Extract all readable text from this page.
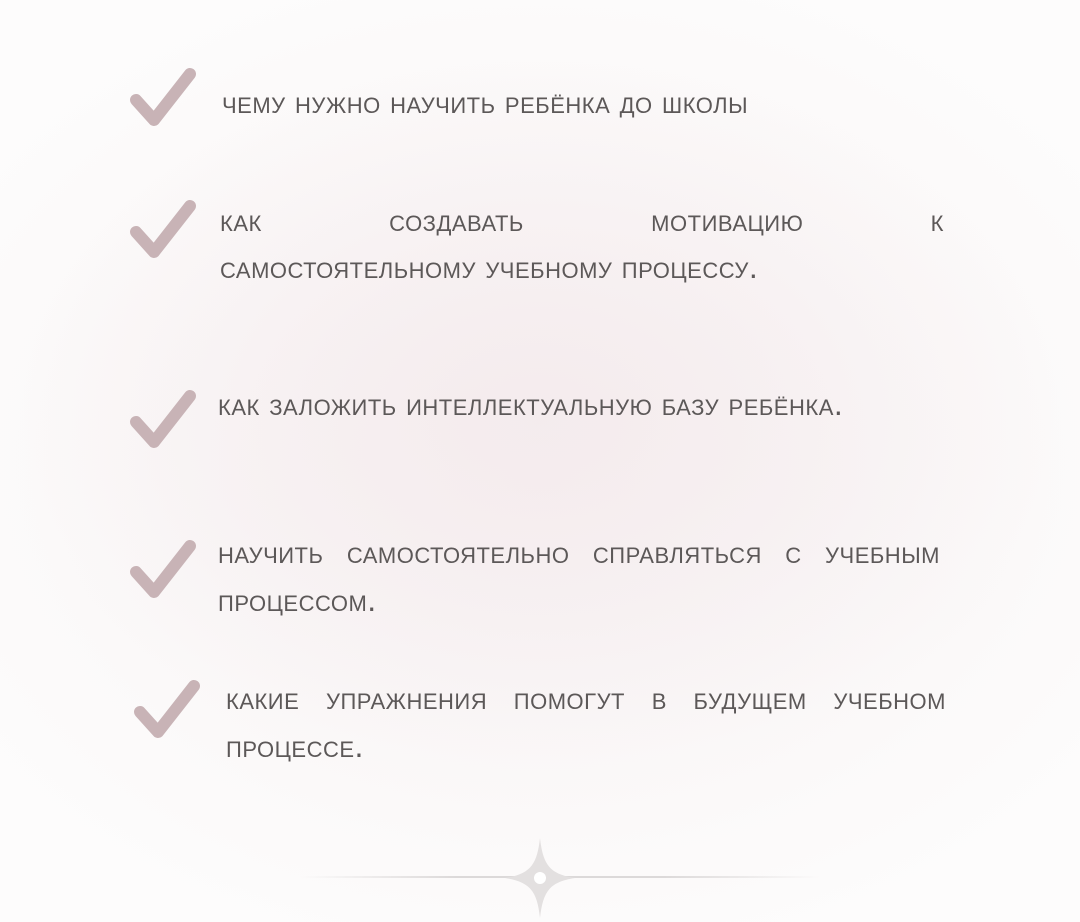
чему нужно научить ребёнка до школы
как создавать мотивацию к
самостоятельному учебному процессу.
как заложить интеллектуальную базу ребёнка.
научить самостоятельно справляться с учебным процессом.
какие упражнения помогут в будущем учебном процессе.
